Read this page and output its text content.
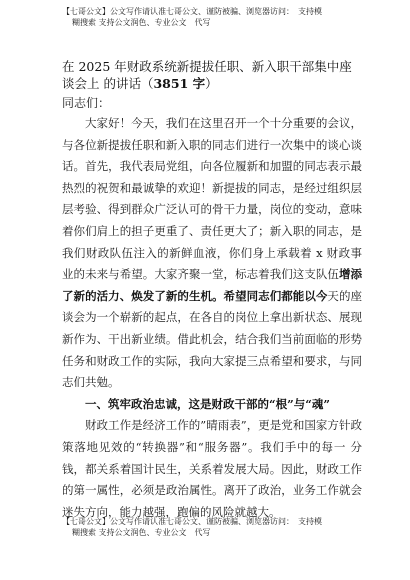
【七哥公文】公文写作请认准七哥公文、谨防被骗、浏览器访问：　支持模
糊搜索 支持公文润色、专业公文　代写
在 2025 年财政系统新提拔任职、新入职干部集中座谈会上 的讲话（3851 字）
同志们：

大家好！今天，我们在这里召开一个十分重要的会议，与各位新提拔任职和新入职的同志们进行一次集中的谈心谈话。首先，我代表局党组，向各位履新和加盟的同志表示最热烈的祝贺和最诚挚的欢迎！新提拔的同志，是经过组织层层考验、得到群众广泛认可的骨干力量，岗位的变动，意味着你们肩上的担子更重了、责任更大了；新入职的同志，是我们财政队伍注入的新鲜血液，你们身上承载着 x 财政事 业的未来与希望。大家齐聚一堂，标志着我们这支队伍增添 了新的活力、焕发了新的生机。希望同志们都能以今天的座 谈会为一个崭新的起点，在各自的岗位上拿出新状态、展现 新作为、干出新业绩。借此机会，结合我们当前面临的形势 任务和财政工作的实际，我向大家提三点希望和要求，与同 志们共勉。

一、筑牢政治忠诚，这是财政干部的“根”与“魂”

财政工作是经济工作的”晴雨表”，更是党和国家方针政策落地见效的“转换器”和“服务器”。我们手中的每一 分钱，都关系着国计民生，关系着发展大局。因此，财政工作的第一属性，必须是政治属性。离开了政治，业务工作就会迷失方向，能力越强，跑偏的风险就越大。

【七哥公文】公文写作请认准七哥公文、谨防被骗、浏览器访问：　支持模
糊搜索 支持公文润色、专业公文　代写
